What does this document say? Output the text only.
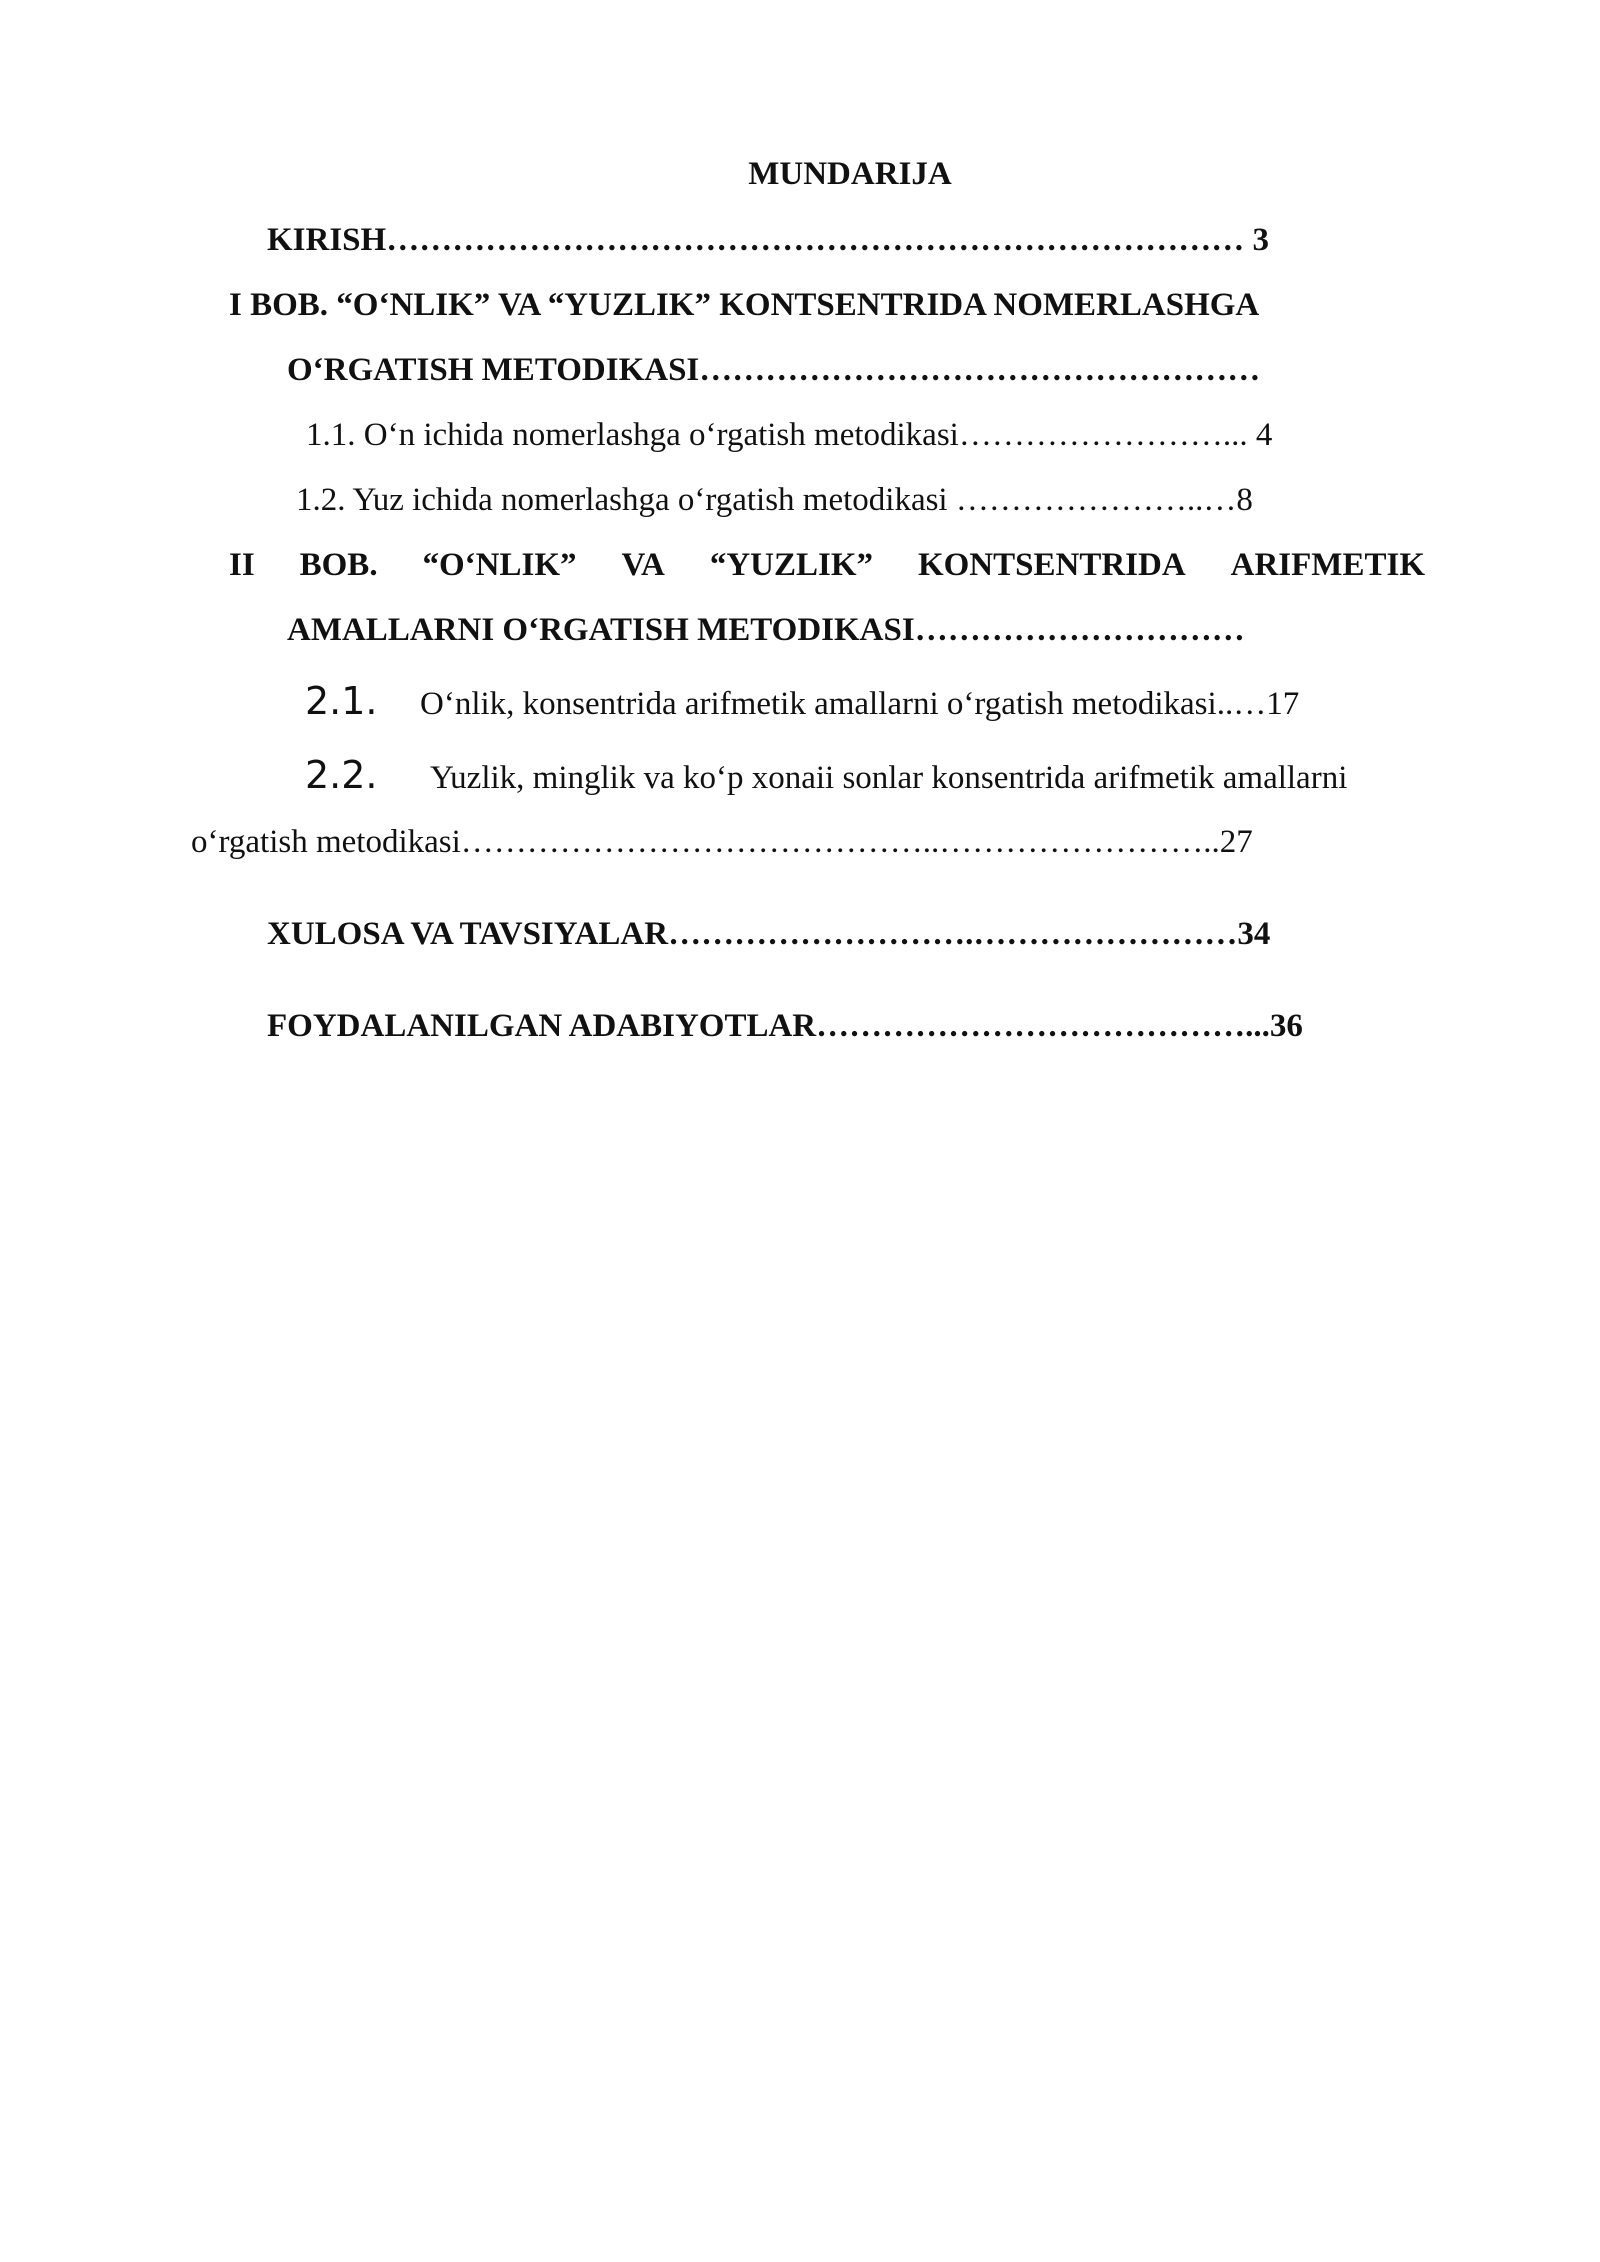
MUNDARIJA
KIRISH…………………………………………………………………… 3
I BOB. “O‘NLIK” VA “YUZLIK” KONTSENTRIDA NOMERLASHGA
O‘RGATISH METODIKASI……………………………………………
1.1. O‘n ichida nomerlashga o‘rgatish metodikasi……………………... 4
1.2. Yuz ichida nomerlashga o‘rgatish metodikasi …………………..…8
II BOB. “O‘NLIK” VA “YUZLIK” KONTSENTRIDA ARIFMETIK
AMALLARNI O‘RGATISH METODIKASI…………………………
2.1. O‘nlik, konsentrida arifmetik amallarni o‘rgatish metodikasi..…17
2.2. Yuzlik, minglik va ko‘p xonaii sonlar konsentrida arifmetik amallarni
o‘rgatish metodikasi……………………………………..……………………..27
XULOSA VA TAVSIYALAR……………………….……………………34
FOYDALANILGAN ADABIYOTLAR…………………………………...36
